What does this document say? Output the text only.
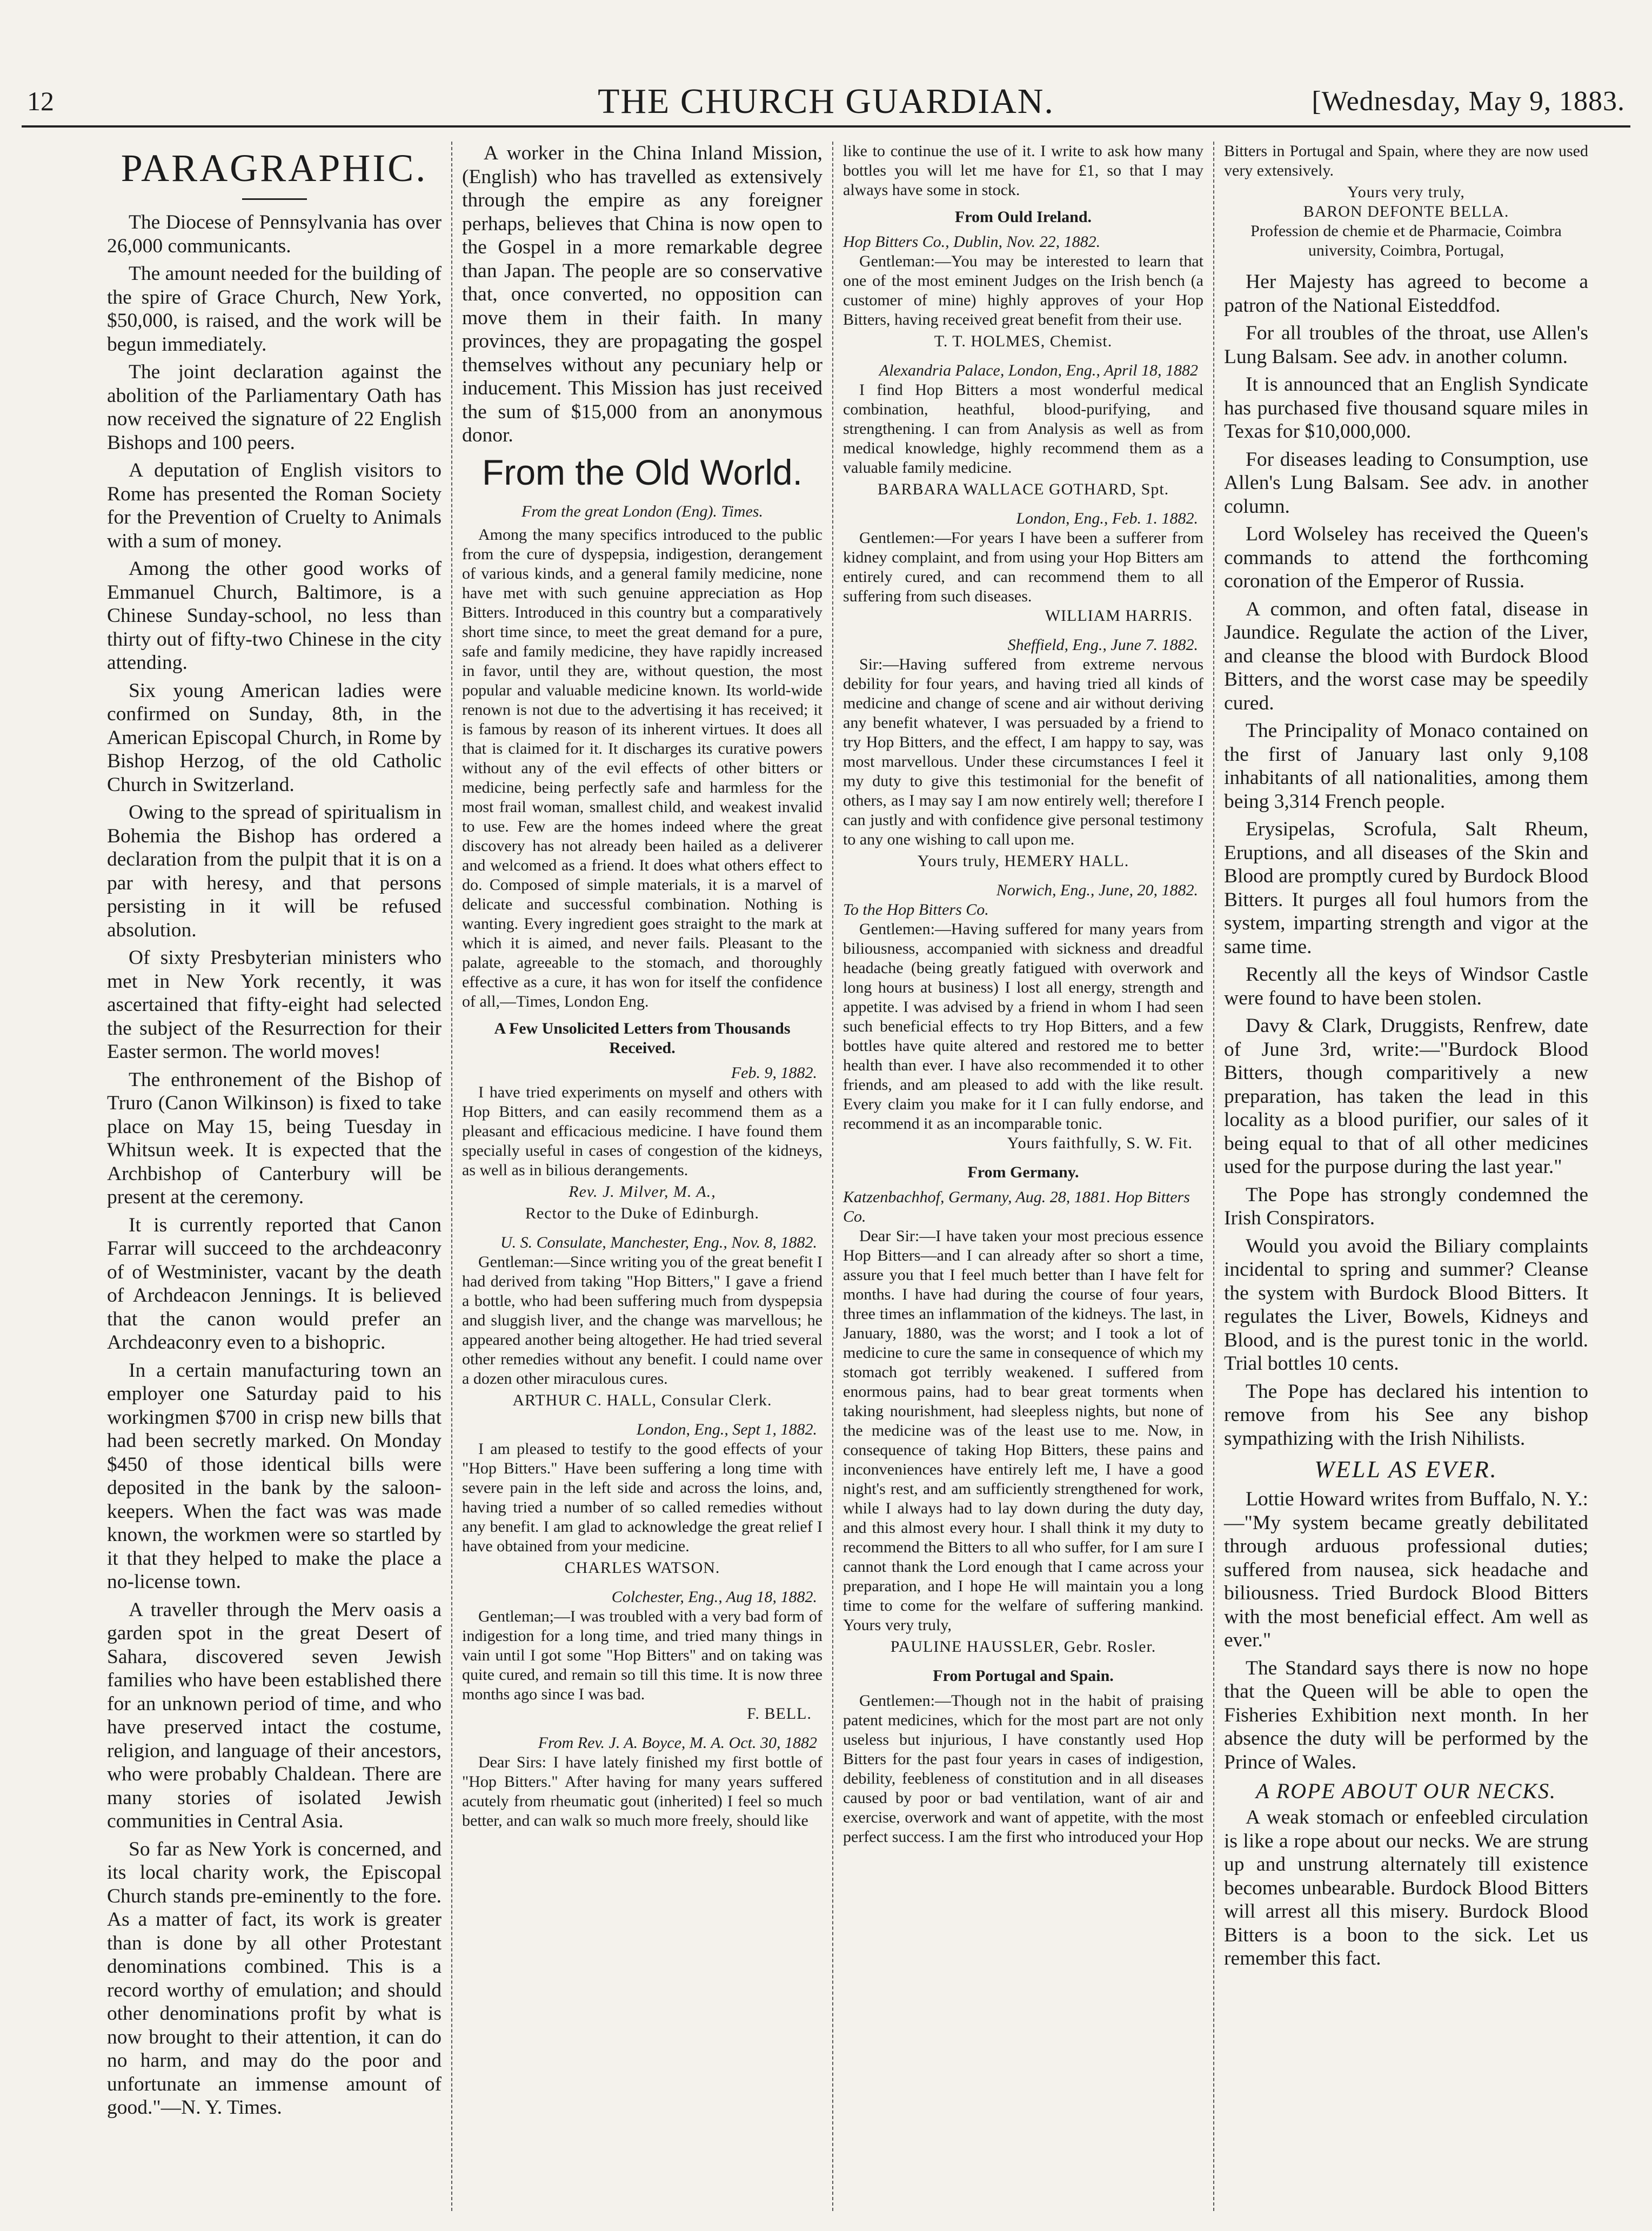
12	THE CHURCH GUARDIAN.	[Wednesday, May 9, 1883.
PARAGRAPHIC.

The Diocese of Pennsylvania has over 26,000 communicants.

The amount needed for the building of the spire of Grace Church, New York, $50,000, is raised, and the work will be begun immediately.

The joint declaration against the abolition of the Parliamentary Oath has now received the signature of 22 English Bishops and 100 peers.

A deputation of English visitors to Rome has presented the Roman Society for the Prevention of Cruelty to Animals with a sum of money.

Among the other good works of Emmanuel Church, Baltimore, is a Chinese Sunday-school, no less than thirty out of fifty-two Chinese in the city attending.

Six young American ladies were confirmed on Sunday, 8th, in the American Episcopal Church, in Rome by Bishop Herzog, of the old Catholic Church in Switzerland.

Owing to the spread of spiritualism in Bohemia the Bishop has ordered a declaration from the pulpit that it is on a par with heresy, and that persons persisting in it will be refused absolution.

Of sixty Presbyterian ministers who met in New York recently, it was ascertained that fifty-eight had selected the subject of the Resurrection for their Easter sermon. The world moves!

The enthronement of the Bishop of Truro (Canon Wilkinson) is fixed to take place on May 15, being Tuesday in Whitsun week. It is expected that the Archbishop of Canterbury will be present at the ceremony.

It is currently reported that Canon Farrar will succeed to the archdeaconry of of Westminister, vacant by the death of Archdeacon Jennings. It is believed that the canon would prefer an Archdeaconry even to a bishopric.

In a certain manufacturing town an employer one Saturday paid to his workingmen $700 in crisp new bills that had been secretly marked. On Monday $450 of those identical bills were deposited in the bank by the saloon-keepers. When the fact was was made known, the workmen were so startled by it that they helped to make the place a no-license town.

A traveller through the Merv oasis a garden spot in the great Desert of Sahara, discovered seven Jewish families who have been established there for an unknown period of time, and who have preserved intact the costume, religion, and language of their ancestors, who were probably Chaldean. There are many stories of isolated Jewish communities in Central Asia.

So far as New York is concerned, and its local charity work, the Episcopal Church stands pre-eminently to the fore. As a matter of fact, its work is greater than is done by all other Protestant denominations combined. This is a record worthy of emulation; and should other denominations profit by what is now brought to their attention, it can do no harm, and may do the poor and unfortunate an immense amount of good."—N. Y. Times.

A worker in the China Inland Mission, (English) who has travelled as extensively through the empire as any foreigner perhaps, believes that China is now open to the Gospel in a more remarkable degree than Japan. The people are so conservative that, once converted, no opposition can move them in their faith. In many provinces, they are propagating the gospel themselves without any pecuniary help or inducement. This Mission has just received the sum of $15,000 from an anonymous donor.

From the Old World.
From the great London (Eng). Times.

Among the many specifics introduced to the public from the cure of dyspepsia, indigestion, derangement of various kinds, and a general family medicine, none have met with such genuine appreciation as Hop Bitters. Introduced in this country but a comparatively short time since, to meet the great demand for a pure, safe and family medicine, they have rapidly increased in favor, until they are, without question, the most popular and valuable medicine known. Its world-wide renown is not due to the advertising it has received; it is famous by reason of its inherent virtues. It does all that is claimed for it. It discharges its curative powers without any of the evil effects of other bitters or medicine, being perfectly safe and harmless for the most frail woman, smallest child, and weakest invalid to use. Few are the homes indeed where the great discovery has not already been hailed as a deliverer and welcomed as a friend. It does what others effect to do. Composed of simple materials, it is a marvel of delicate and successful combination. Nothing is wanting. Every ingredient goes straight to the mark at which it is aimed, and never fails. Pleasant to the palate, agreeable to the stomach, and thoroughly effective as a cure, it has won for itself the confidence of all,—Times, London Eng.

A Few Unsolicited Letters from Thousands Received.
Feb. 9, 1882.

I have tried experiments on myself and others with Hop Bitters, and can easily recommend them as a pleasant and efficacious medicine. I have found them specially useful in cases of congestion of the kidneys, as well as in bilious derangements.

Rev. J. Milver, M. A.,
Rector to the Duke of Edinburgh.
U. S. Consulate, Manchester, Eng., Nov. 8, 1882.

Gentleman:—Since writing you of the great benefit I had derived from taking "Hop Bitters," I gave a friend a bottle, who had been suffering much from dyspepsia and sluggish liver, and the change was marvellous; he appeared another being altogether. He had tried several other remedies without any benefit. I could name over a dozen other miraculous cures.

ARTHUR C. HALL, Consular Clerk.
London, Eng., Sept 1, 1882.

I am pleased to testify to the good effects of your "Hop Bitters." Have been suffering a long time with severe pain in the left side and across the loins, and, having tried a number of so called remedies without any benefit. I am glad to acknowledge the great relief I have obtained from your medicine.

CHARLES WATSON.
Colchester, Eng., Aug 18, 1882.

Gentleman;—I was troubled with a very bad form of indigestion for a long time, and tried many things in vain until I got some "Hop Bitters" and on taking was quite cured, and remain so till this time. It is now three months ago since I was bad.

F. BELL.
From Rev. J. A. Boyce, M. A. Oct. 30, 1882

Dear Sirs: I have lately finished my first bottle of "Hop Bitters." After having for many years suffered acutely from rheumatic gout (inherited) I feel so much better, and can walk so much more freely, should like

like to continue the use of it. I write to ask how many bottles you will let me have for £1, so that I may always have some in stock.

From Ould Ireland.
Hop Bitters Co., Dublin, Nov. 22, 1882.

Gentleman:—You may be interested to learn that one of the most eminent Judges on the Irish bench (a customer of mine) highly approves of your Hop Bitters, having received great benefit from their use.

T. T. HOLMES, Chemist.
Alexandria Palace, London, Eng., April 18, 1882

I find Hop Bitters a most wonderful medical combination, heathful, blood-purifying, and strengthening. I can from Analysis as well as from medical knowledge, highly recommend them as a valuable family medicine.

BARBARA WALLACE GOTHARD, Spt.
London, Eng., Feb. 1. 1882.

Gentlemen:—For years I have been a sufferer from kidney complaint, and from using your Hop Bitters am entirely cured, and can recommend them to all suffering from such diseases.

WILLIAM HARRIS.
Sheffield, Eng., June 7. 1882.

Sir:—Having suffered from extreme nervous debility for four years, and having tried all kinds of medicine and change of scene and air without deriving any benefit whatever, I was persuaded by a friend to try Hop Bitters, and the effect, I am happy to say, was most marvellous. Under these circumstances I feel it my duty to give this testimonial for the benefit of others, as I may say I am now entirely well; therefore I can justly and with confidence give personal testimony to any one wishing to call upon me.

Yours truly, HEMERY HALL.
Norwich, Eng., June, 20, 1882.
To the Hop Bitters Co.

Gentlemen:—Having suffered for many years from biliousness, accompanied with sickness and dreadful headache (being greatly fatigued with overwork and long hours at business) I lost all energy, strength and appetite. I was advised by a friend in whom I had seen such beneficial effects to try Hop Bitters, and a few bottles have quite altered and restored me to better health than ever. I have also recommended it to other friends, and am pleased to add with the like result. Every claim you make for it I can fully endorse, and recommend it as an incomparable tonic.

Yours faithfully, S. W. Fit.
From Germany.
Katzenbachhof, Germany, Aug. 28, 1881. Hop Bitters Co.

Dear Sir:—I have taken your most precious essence Hop Bitters—and I can already after so short a time, assure you that I feel much better than I have felt for months. I have had during the course of four years, three times an inflammation of the kidneys. The last, in January, 1880, was the worst; and I took a lot of medicine to cure the same in consequence of which my stomach got terribly weakened. I suffered from enormous pains, had to bear great torments when taking nourishment, had sleepless nights, but none of the medicine was of the least use to me. Now, in consequence of taking Hop Bitters, these pains and inconveniences have entirely left me, I have a good night's rest, and am sufficiently strengthened for work, while I always had to lay down during the duty day, and this almost every hour. I shall think it my duty to recommend the Bitters to all who suffer, for I am sure I cannot thank the Lord enough that I came across your preparation, and I hope He will maintain you a long time to come for the welfare of suffering mankind. Yours very truly,

PAULINE HAUSSLER, Gebr. Rosler.
From Portugal and Spain.

Gentlemen:—Though not in the habit of praising patent medicines, which for the most part are not only useless but injurious, I have constantly used Hop Bitters for the past four years in cases of indigestion, debility, feebleness of constitution and in all diseases caused by poor or bad ventilation, want of air and exercise, overwork and want of appetite, with the most perfect success. I am the first who introduced your Hop

Bitters in Portugal and Spain, where they are now used very extensively.

Yours very truly,
BARON DEFONTE BELLA.

Profession de chemie et de Pharmacie, Coimbra university, Coimbra, Portugal,

Her Majesty has agreed to become a patron of the National Eisteddfod.

For all troubles of the throat, use Allen's Lung Balsam. See adv. in another column.

It is announced that an English Syndicate has purchased five thousand square miles in Texas for $10,000,000.

For diseases leading to Consumption, use Allen's Lung Balsam. See adv. in another column.

Lord Wolseley has received the Queen's commands to attend the forthcoming coronation of the Emperor of Russia.

A common, and often fatal, disease in Jaundice. Regulate the action of the Liver, and cleanse the blood with Burdock Blood Bitters, and the worst case may be speedily cured.

The Principality of Monaco contained on the first of January last only 9,108 inhabitants of all nationalities, among them being 3,314 French people.

Erysipelas, Scrofula, Salt Rheum, Eruptions, and all diseases of the Skin and Blood are promptly cured by Burdock Blood Bitters. It purges all foul humors from the system, imparting strength and vigor at the same time.

Recently all the keys of Windsor Castle were found to have been stolen.

Davy & Clark, Druggists, Renfrew, date of June 3rd, write:—"Burdock Blood Bitters, though comparitively a new preparation, has taken the lead in this locality as a blood purifier, our sales of it being equal to that of all other medicines used for the purpose during the last year."

The Pope has strongly condemned the Irish Conspirators.

Would you avoid the Biliary complaints incidental to spring and summer? Cleanse the system with Burdock Blood Bitters. It regulates the Liver, Bowels, Kidneys and Blood, and is the purest tonic in the world. Trial bottles 10 cents.

The Pope has declared his intention to remove from his See any bishop sympathizing with the Irish Nihilists.

WELL AS EVER.

Lottie Howard writes from Buffalo, N. Y.:—"My system became greatly debilitated through arduous professional duties; suffered from nausea, sick headache and biliousness. Tried Burdock Blood Bitters with the most beneficial effect. Am well as ever."

The Standard says there is now no hope that the Queen will be able to open the Fisheries Exhibition next month. In her absence the duty will be performed by the Prince of Wales.

A ROPE ABOUT OUR NECKS.

A weak stomach or enfeebled circulation is like a rope about our necks. We are strung up and unstrung alternately till existence becomes unbearable. Burdock Blood Bitters will arrest all this misery. Burdock Blood Bitters is a boon to the sick. Let us remember this fact.
